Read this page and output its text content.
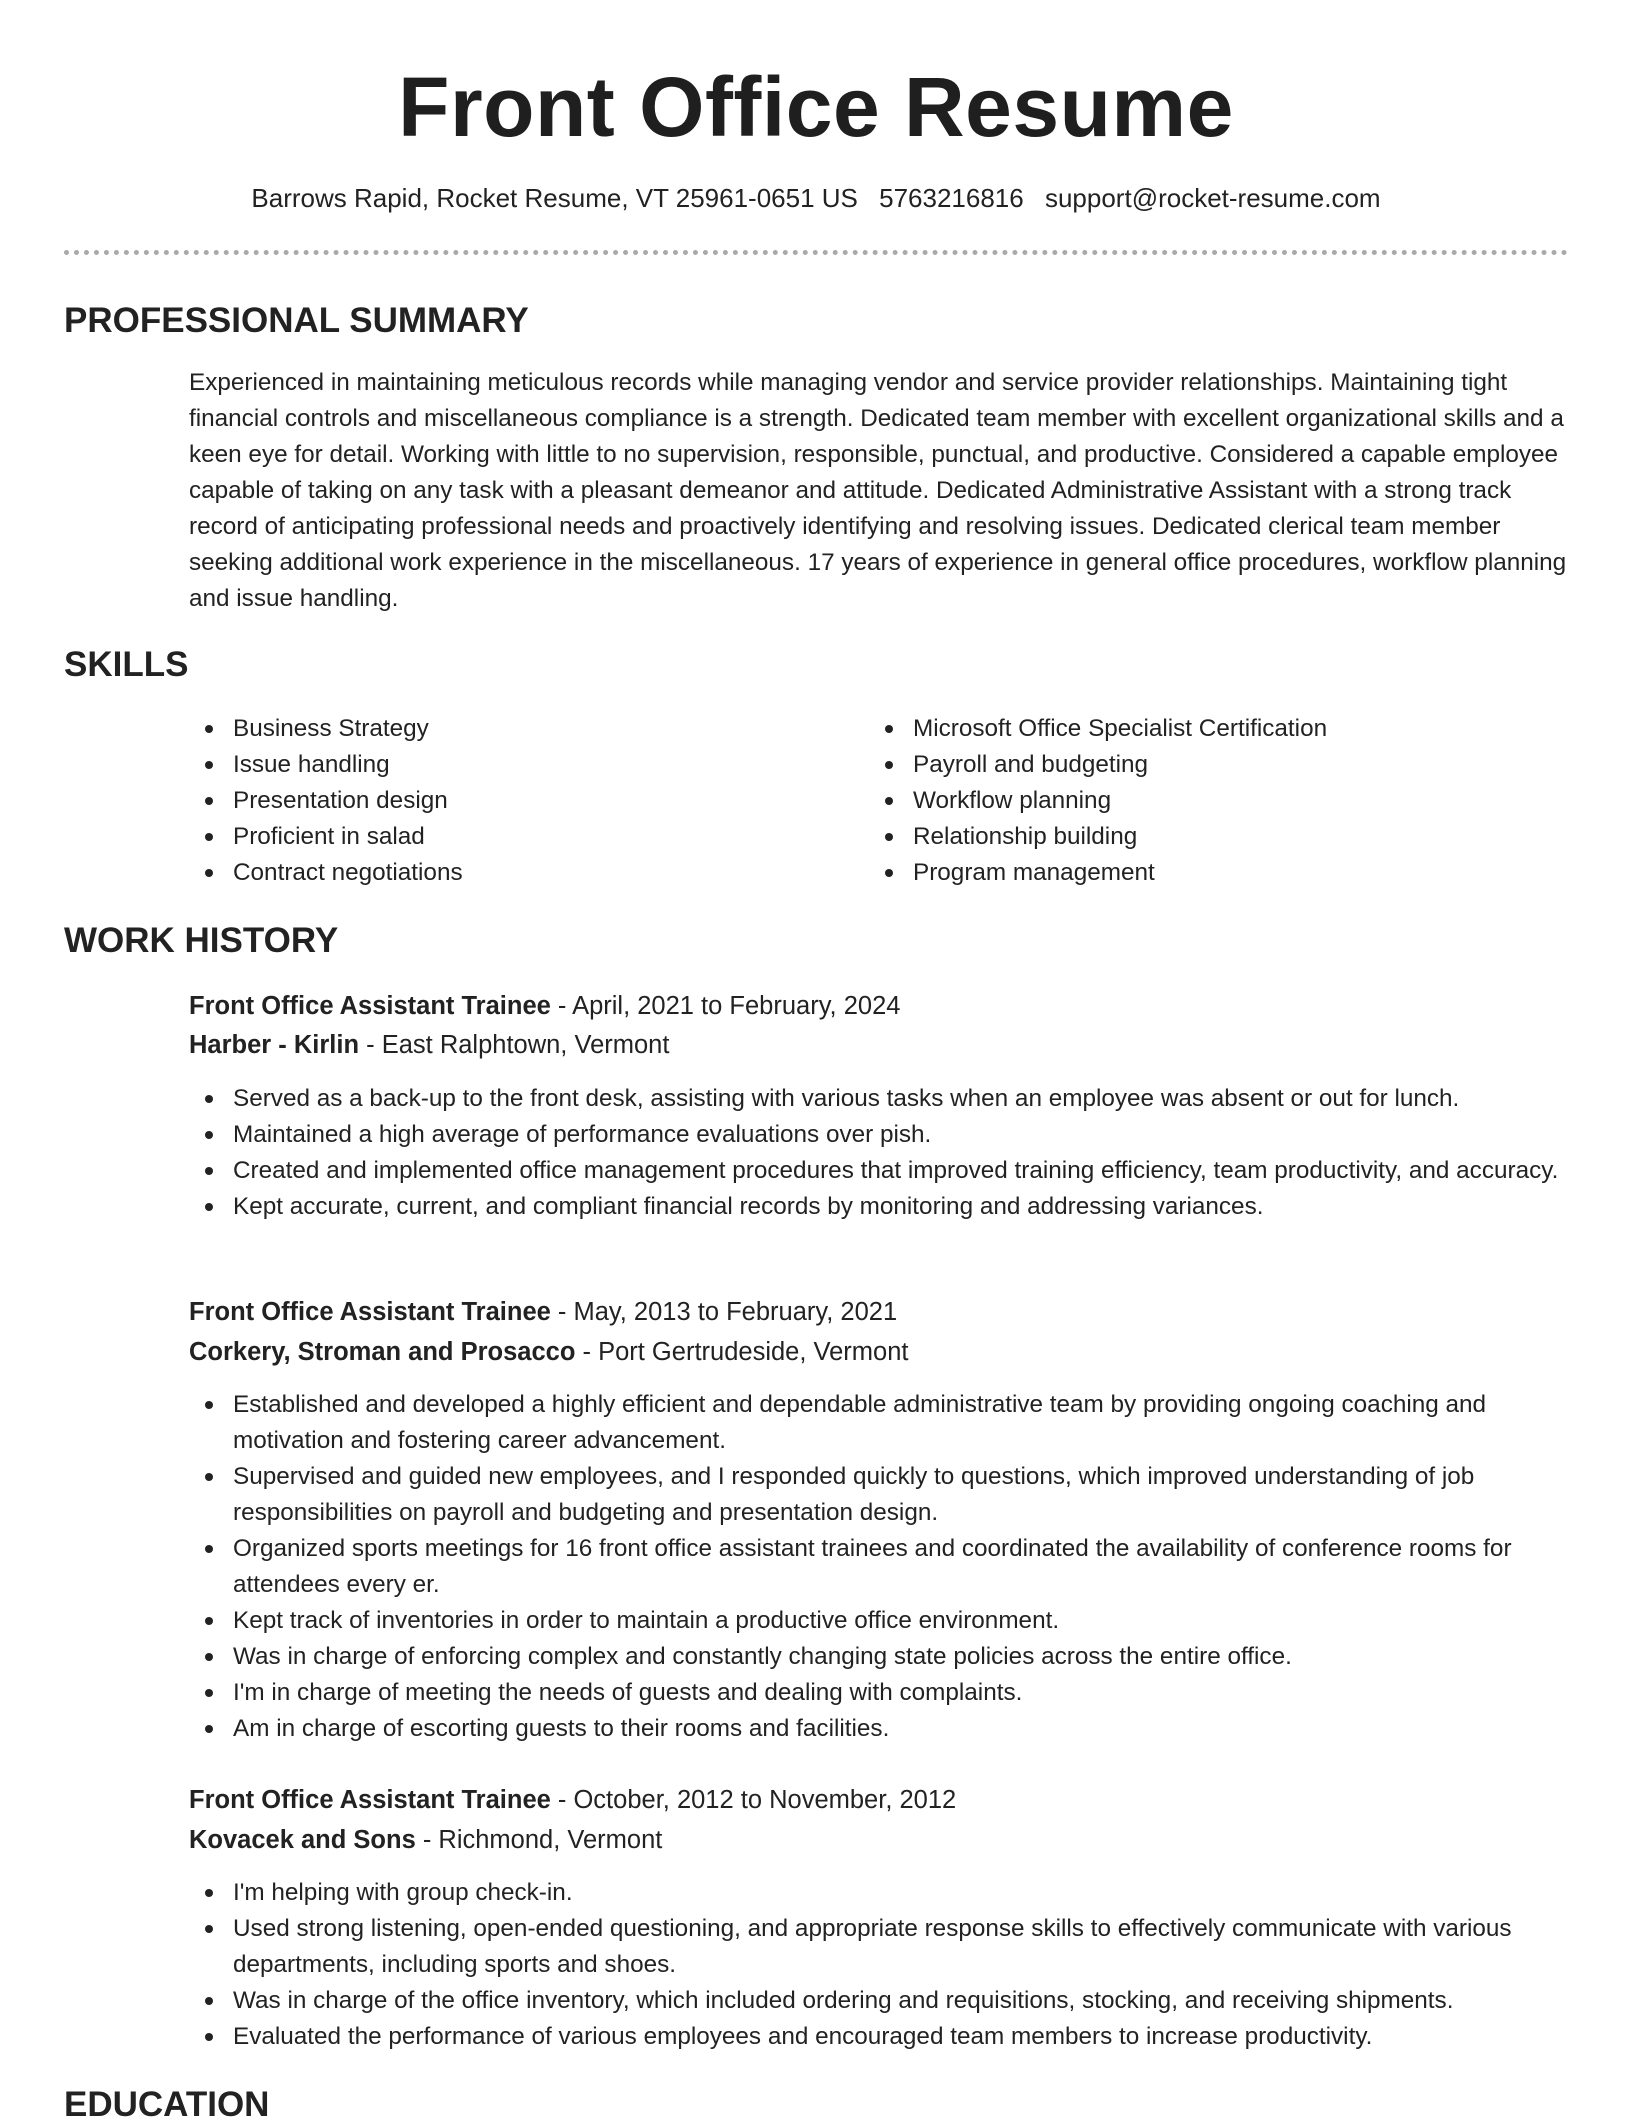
Front Office Resume
Barrows Rapid, Rocket Resume, VT 25961-0651 US 5763216816 support@rocket-resume.com
PROFESSIONAL SUMMARY

Experienced in maintaining meticulous records while managing vendor and service provider relationships. Maintaining tight financial controls and miscellaneous compliance is a strength. Dedicated team member with excellent organizational skills and a keen eye for detail. Working with little to no supervision, responsible, punctual, and productive. Considered a capable employee capable of taking on any task with a pleasant demeanor and attitude. Dedicated Administrative Assistant with a strong track record of anticipating professional needs and proactively identifying and resolving issues. Dedicated clerical team member seeking additional work experience in the miscellaneous. 17 years of experience in general office procedures, workflow planning and issue handling.

SKILLS
Business Strategy
Issue handling
Presentation design
Proficient in salad
Contract negotiations
Microsoft Office Specialist Certification
Payroll and budgeting
Workflow planning
Relationship building
Program management
WORK HISTORY
Front Office Assistant Trainee - April, 2021 to February, 2024
Harber - Kirlin - East Ralphtown, Vermont
Served as a back-up to the front desk, assisting with various tasks when an employee was absent or out for lunch.
Maintained a high average of performance evaluations over pish.
Created and implemented office management procedures that improved training efficiency, team productivity, and accuracy.
Kept accurate, current, and compliant financial records by monitoring and addressing variances.
Front Office Assistant Trainee - May, 2013 to February, 2021
Corkery, Stroman and Prosacco - Port Gertrudeside, Vermont
Established and developed a highly efficient and dependable administrative team by providing ongoing coaching and motivation and fostering career advancement.
Supervised and guided new employees, and I responded quickly to questions, which improved understanding of job responsibilities on payroll and budgeting and presentation design.
Organized sports meetings for 16 front office assistant trainees and coordinated the availability of conference rooms for attendees every er.
Kept track of inventories in order to maintain a productive office environment.
Was in charge of enforcing complex and constantly changing state policies across the entire office.
I'm in charge of meeting the needs of guests and dealing with complaints.
Am in charge of escorting guests to their rooms and facilities.
Front Office Assistant Trainee - October, 2012 to November, 2012
Kovacek and Sons - Richmond, Vermont
I'm helping with group check-in.
Used strong listening, open-ended questioning, and appropriate response skills to effectively communicate with various departments, including sports and shoes.
Was in charge of the office inventory, which included ordering and requisitions, stocking, and receiving shipments.
Evaluated the performance of various employees and encouraged team members to increase productivity.
EDUCATION
